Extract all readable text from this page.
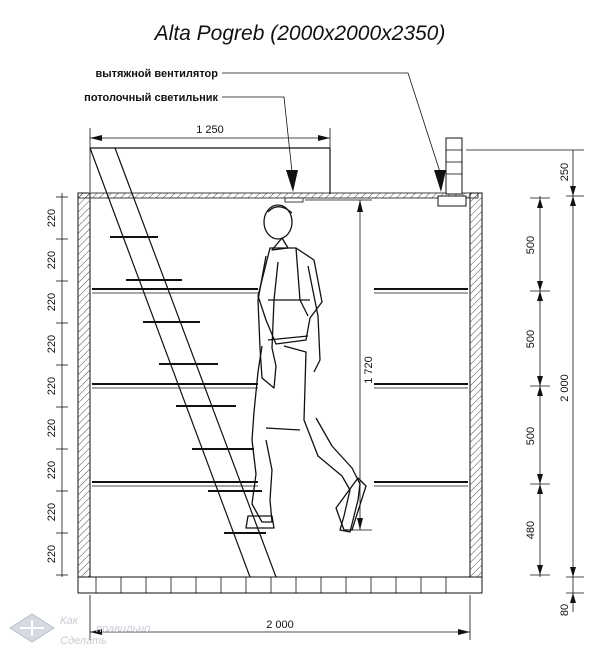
Alta Pogreb (2000x2000x2350)
вытяжной вентилятор
потолочный светильник
1 250
1 720
220
220
220
220
220
220
220
220
220
500
500
500
480
250
2 000
80
2 000
Как
правильно
Сделать
